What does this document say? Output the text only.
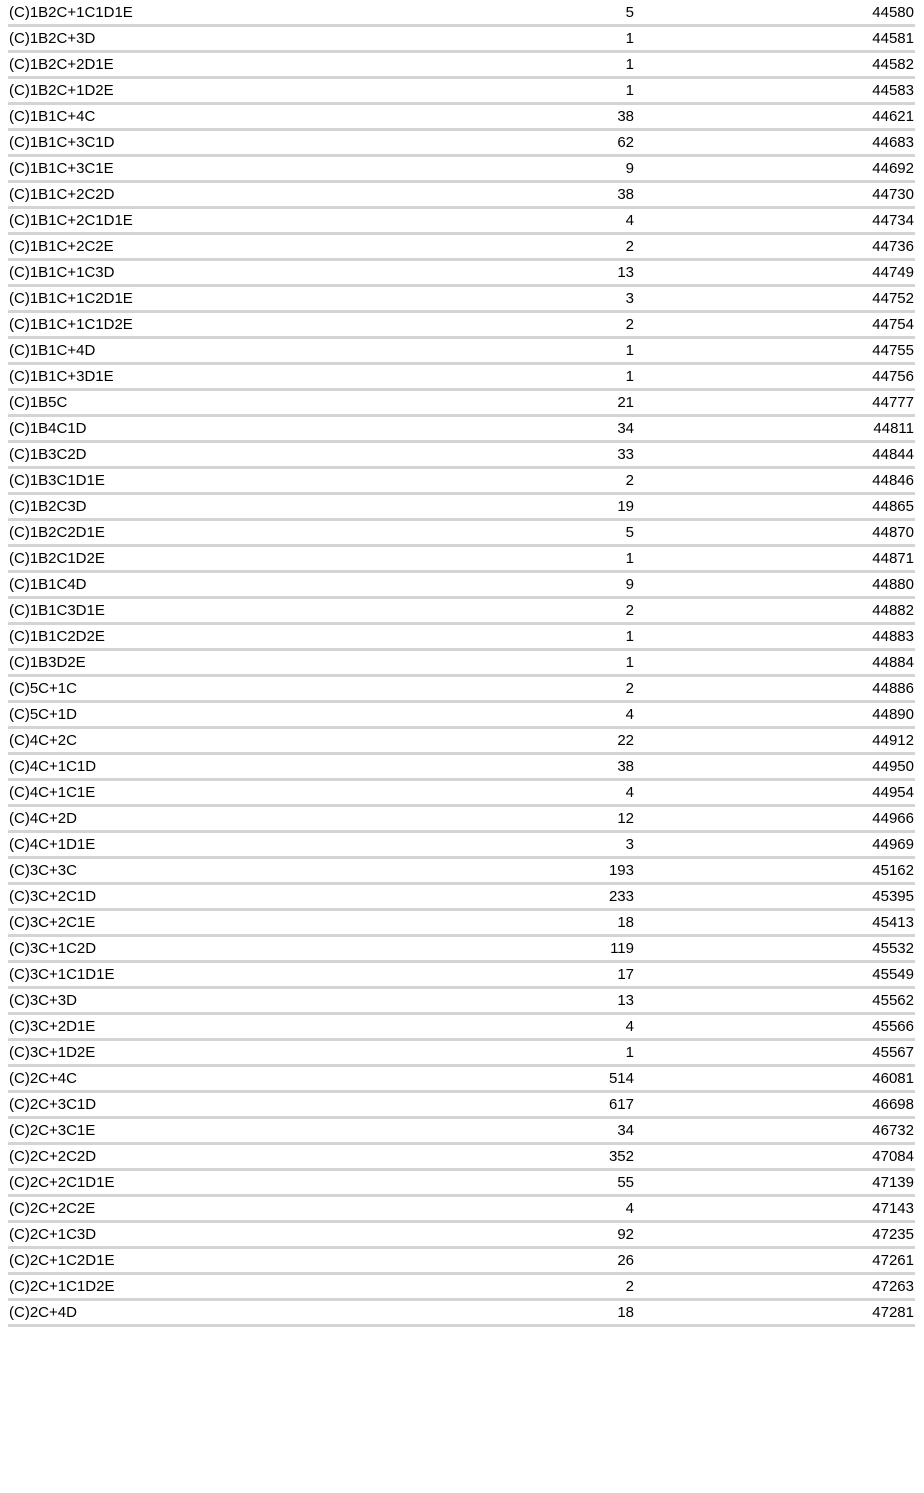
(C)1B2C+1C1D1E	5	44580
(C)1B2C+3D	1	44581
(C)1B2C+2D1E	1	44582
(C)1B2C+1D2E	1	44583
(C)1B1C+4C	38	44621
(C)1B1C+3C1D	62	44683
(C)1B1C+3C1E	9	44692
(C)1B1C+2C2D	38	44730
(C)1B1C+2C1D1E	4	44734
(C)1B1C+2C2E	2	44736
(C)1B1C+1C3D	13	44749
(C)1B1C+1C2D1E	3	44752
(C)1B1C+1C1D2E	2	44754
(C)1B1C+4D	1	44755
(C)1B1C+3D1E	1	44756
(C)1B5C	21	44777
(C)1B4C1D	34	44811
(C)1B3C2D	33	44844
(C)1B3C1D1E	2	44846
(C)1B2C3D	19	44865
(C)1B2C2D1E	5	44870
(C)1B2C1D2E	1	44871
(C)1B1C4D	9	44880
(C)1B1C3D1E	2	44882
(C)1B1C2D2E	1	44883
(C)1B3D2E	1	44884
(C)5C+1C	2	44886
(C)5C+1D	4	44890
(C)4C+2C	22	44912
(C)4C+1C1D	38	44950
(C)4C+1C1E	4	44954
(C)4C+2D	12	44966
(C)4C+1D1E	3	44969
(C)3C+3C	193	45162
(C)3C+2C1D	233	45395
(C)3C+2C1E	18	45413
(C)3C+1C2D	119	45532
(C)3C+1C1D1E	17	45549
(C)3C+3D	13	45562
(C)3C+2D1E	4	45566
(C)3C+1D2E	1	45567
(C)2C+4C	514	46081
(C)2C+3C1D	617	46698
(C)2C+3C1E	34	46732
(C)2C+2C2D	352	47084
(C)2C+2C1D1E	55	47139
(C)2C+2C2E	4	47143
(C)2C+1C3D	92	47235
(C)2C+1C2D1E	26	47261
(C)2C+1C1D2E	2	47263
(C)2C+4D	18	47281
